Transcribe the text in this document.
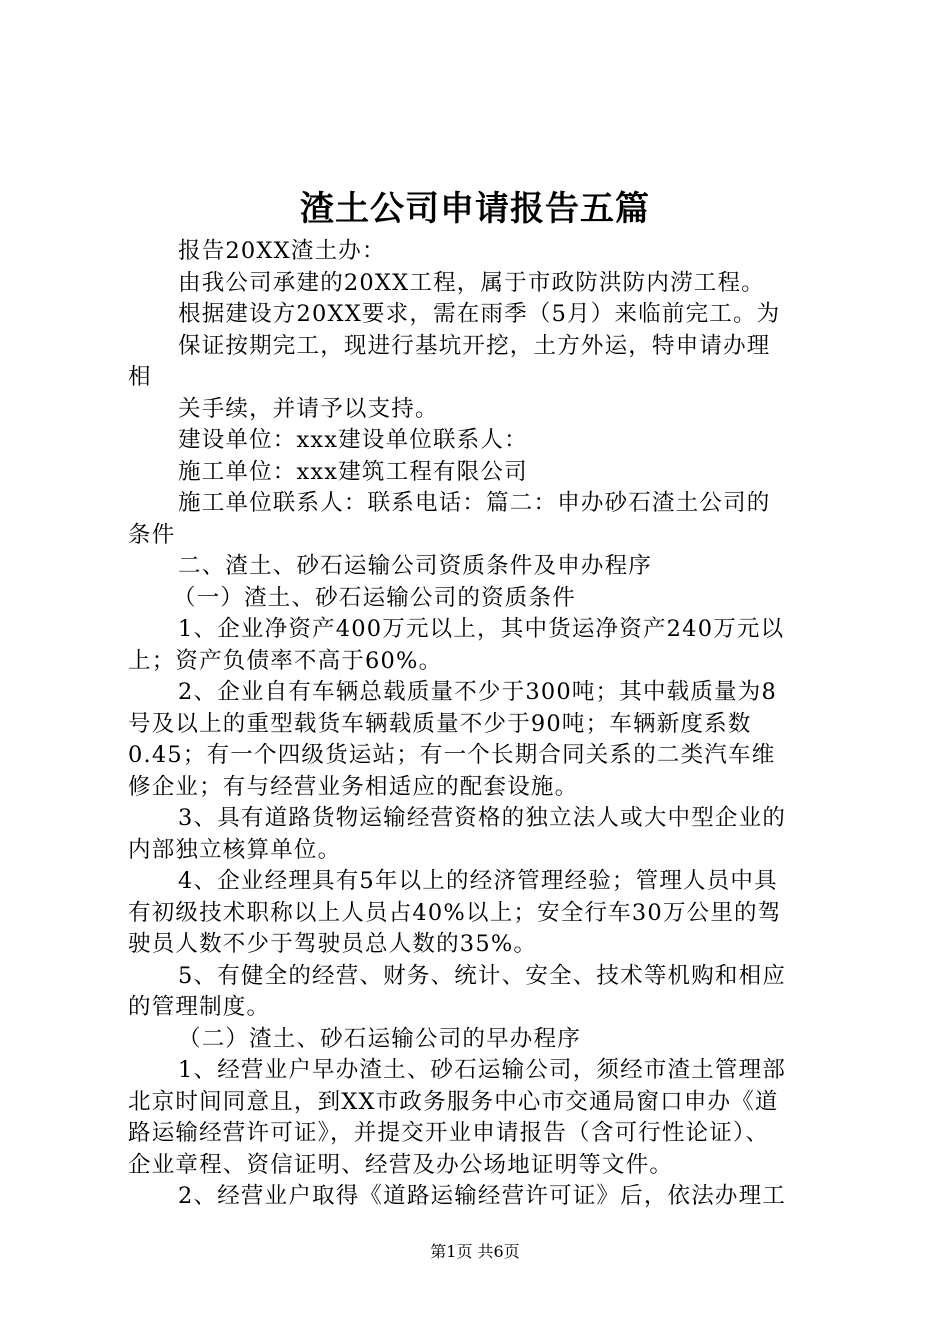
渣土公司申请报告五篇
报告20XX渣土办：
由我公司承建的20XX工程，属于市政防洪防内涝工程。
根据建设方20XX要求，需在雨季（5月）来临前完工。为
保证按期完工，现进行基坑开挖，土方外运，特申请办理
相
关手续，并请予以支持。
建设单位：xxx建设单位联系人：
施工单位：xxx建筑工程有限公司
施工单位联系人：联系电话：篇二：申办砂石渣土公司的
条件
二、渣土、砂石运输公司资质条件及申办程序
（一）渣土、砂石运输公司的资质条件
1、企业净资产400万元以上，其中货运净资产240万元以
上；资产负债率不高于60%。
2、企业自有车辆总载质量不少于300吨；其中载质量为8
号及以上的重型载货车辆载质量不少于90吨；车辆新度系数
0.45；有一个四级货运站；有一个长期合同关系的二类汽车维
修企业；有与经营业务相适应的配套设施。
3、具有道路货物运输经营资格的独立法人或大中型企业的
内部独立核算单位。
4、企业经理具有5年以上的经济管理经验；管理人员中具
有初级技术职称以上人员占40%以上；安全行车30万公里的驾
驶员人数不少于驾驶员总人数的35%。
5、有健全的经营、财务、统计、安全、技术等机购和相应
的管理制度。
（二）渣土、砂石运输公司的早办程序
1、经营业户早办渣土、砂石运输公司，须经市渣土管理部
北京时间同意且，到XX市政务服务中心市交通局窗口申办《道
路运输经营许可证》，并提交开业申请报告（含可行性论证）、
企业章程、资信证明、经营及办公场地证明等文件。
2、经营业户取得《道路运输经营许可证》后，依法办理工
第1页 共6页
